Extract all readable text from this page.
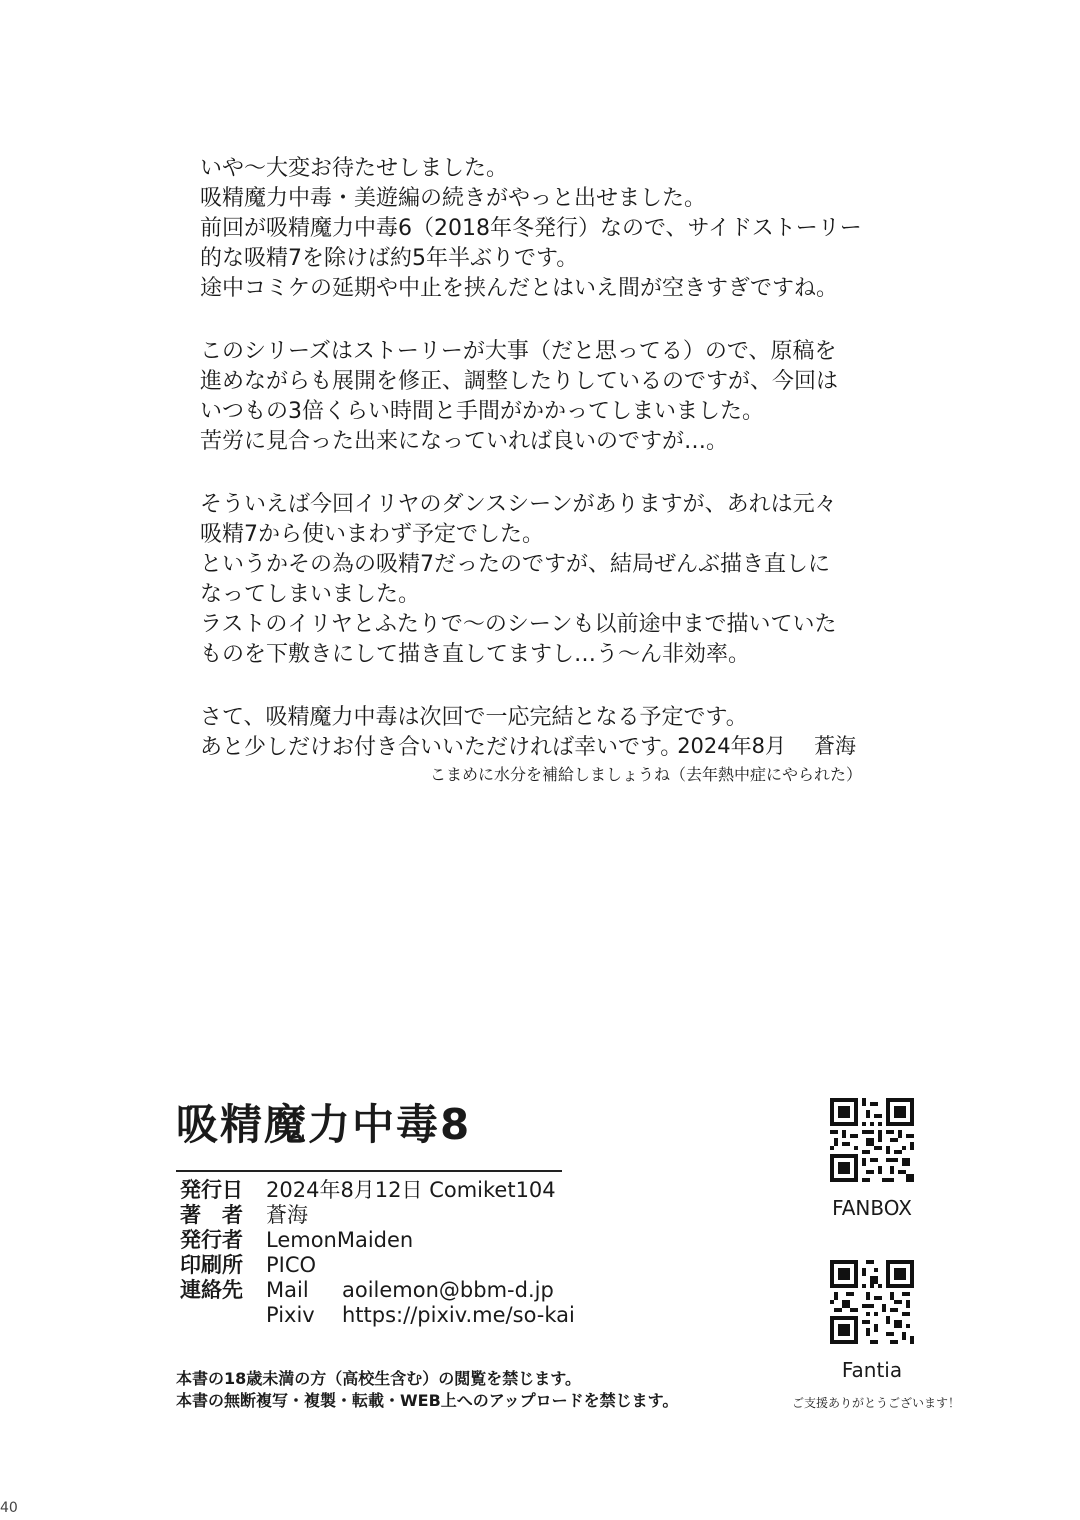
いや〜大変お待たせしました。
吸精魔力中毒・美遊編の続きがやっと出せました。
前回が吸精魔力中毒6（2018年冬発行）なので、サイドストーリー
的な吸精7を除けば約5年半ぶりです。
途中コミケの延期や中止を挟んだとはいえ間が空きすぎですね。

このシリーズはストーリーが大事（だと思ってる）ので、原稿を
進めながらも展開を修正、調整したりしているのですが、今回は
いつもの3倍くらい時間と手間がかかってしまいました。
苦労に見合った出来になっていれば良いのですが…。

そういえば今回イリヤのダンスシーンがありますが、あれは元々
吸精7から使いまわず予定でした。
というかその為の吸精7だったのですが、結局ぜんぶ描き直しに
なってしまいました。
ラストのイリヤとふたりで〜のシーンも以前途中まで描いていた
ものを下敷きにして描き直してますし…う〜ん非効率。

さて、吸精魔力中毒は次回で一応完結となる予定です。
あと少しだけお付き合いいただければ幸いです。

2024年8月 蒼海
こまめに水分を補給しましょうね（去年熱中症にやられた）
吸精魔力中毒8
発行日	2024年8月12日 Comiket104
著　者	蒼海
発行者	LemonMaiden
印刷所	PICO
連絡先	Mail aoilemon@bbm-d.jp
Pixiv https://pixiv.me/so-kai
本書の18歳未満の方（高校生含む）の閲覧を禁じます。
本書の無断複写・複製・転載・WEB上へのアップロードを禁じます。
FANBOX
Fantia
ご支援ありがとうございます！
40
